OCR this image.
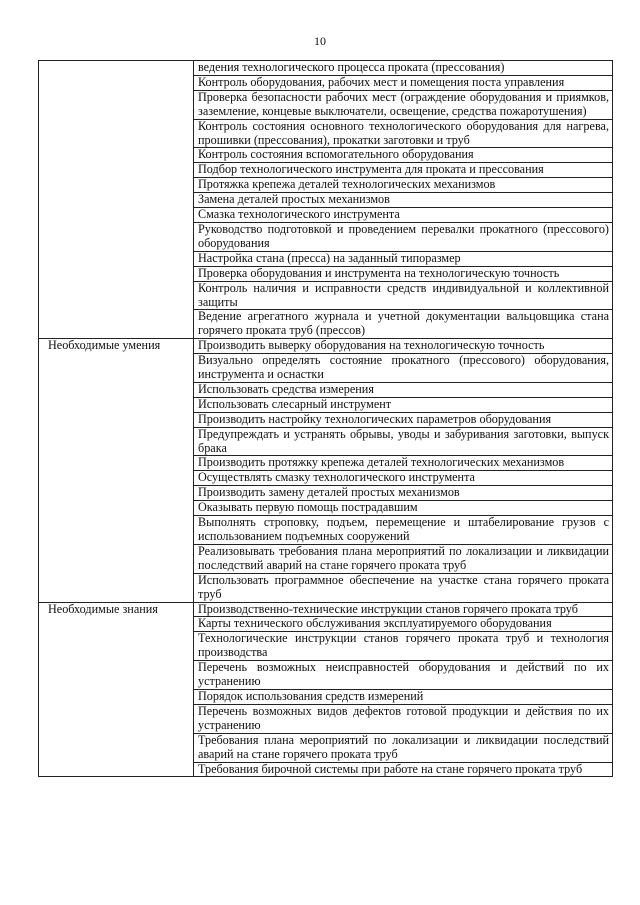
10
	ведения технологического процесса проката (прессования)
	Контроль оборудования, рабочих мест и помещения поста управления
	Проверка безопасности рабочих мест (ограждение оборудования и приямков, заземление, концевые выключатели, освещение, средства пожаротушения)
	Контроль состояния основного технологического оборудования для нагрева, прошивки (прессования), прокатки заготовки и труб
	Контроль состояния вспомогательного оборудования
	Подбор технологического инструмента для проката и прессования
	Протяжка крепежа деталей технологических механизмов
	Замена деталей простых механизмов
	Смазка технологического инструмента
	Руководство подготовкой и проведением перевалки прокатного (прессового) оборудования
	Настройка стана (пресса) на заданный типоразмер
	Проверка оборудования и инструмента на технологическую точность
	Контроль наличия и исправности средств индивидуальной и коллективной защиты
	Ведение агрегатного журнала и учетной документации вальцовщика стана горячего проката труб (прессов)
Необходимые умения	Производить выверку оборудования на технологическую точность
	Визуально определять состояние прокатного (прессового) оборудования, инструмента и оснастки
	Использовать средства измерения
	Использовать слесарный инструмент
	Производить настройку технологических параметров оборудования
	Предупреждать и устранять обрывы, уводы и забуривания заготовки, выпуск брака
	Производить протяжку крепежа деталей технологических механизмов
	Осуществлять смазку технологического инструмента
	Производить замену деталей простых механизмов
	Оказывать первую помощь пострадавшим
	Выполнять строповку, подъем, перемещение и штабелирование грузов с использованием подъемных сооружений
	Реализовывать требования плана мероприятий по локализации и ликвидации последствий аварий на стане горячего проката труб
	Использовать программное обеспечение на участке стана горячего проката труб
Необходимые знания	Производственно-технические инструкции станов горячего проката труб
	Карты технического обслуживания эксплуатируемого оборудования
	Технологические инструкции станов горячего проката труб и технология производства
	Перечень возможных неисправностей оборудования и действий по их устранению
	Порядок использования средств измерений
	Перечень возможных видов дефектов готовой продукции и действия по их устранению
	Требования плана мероприятий по локализации и ликвидации последствий аварий на стане горячего проката труб
	Требования бирочной системы при работе на стане горячего проката труб
